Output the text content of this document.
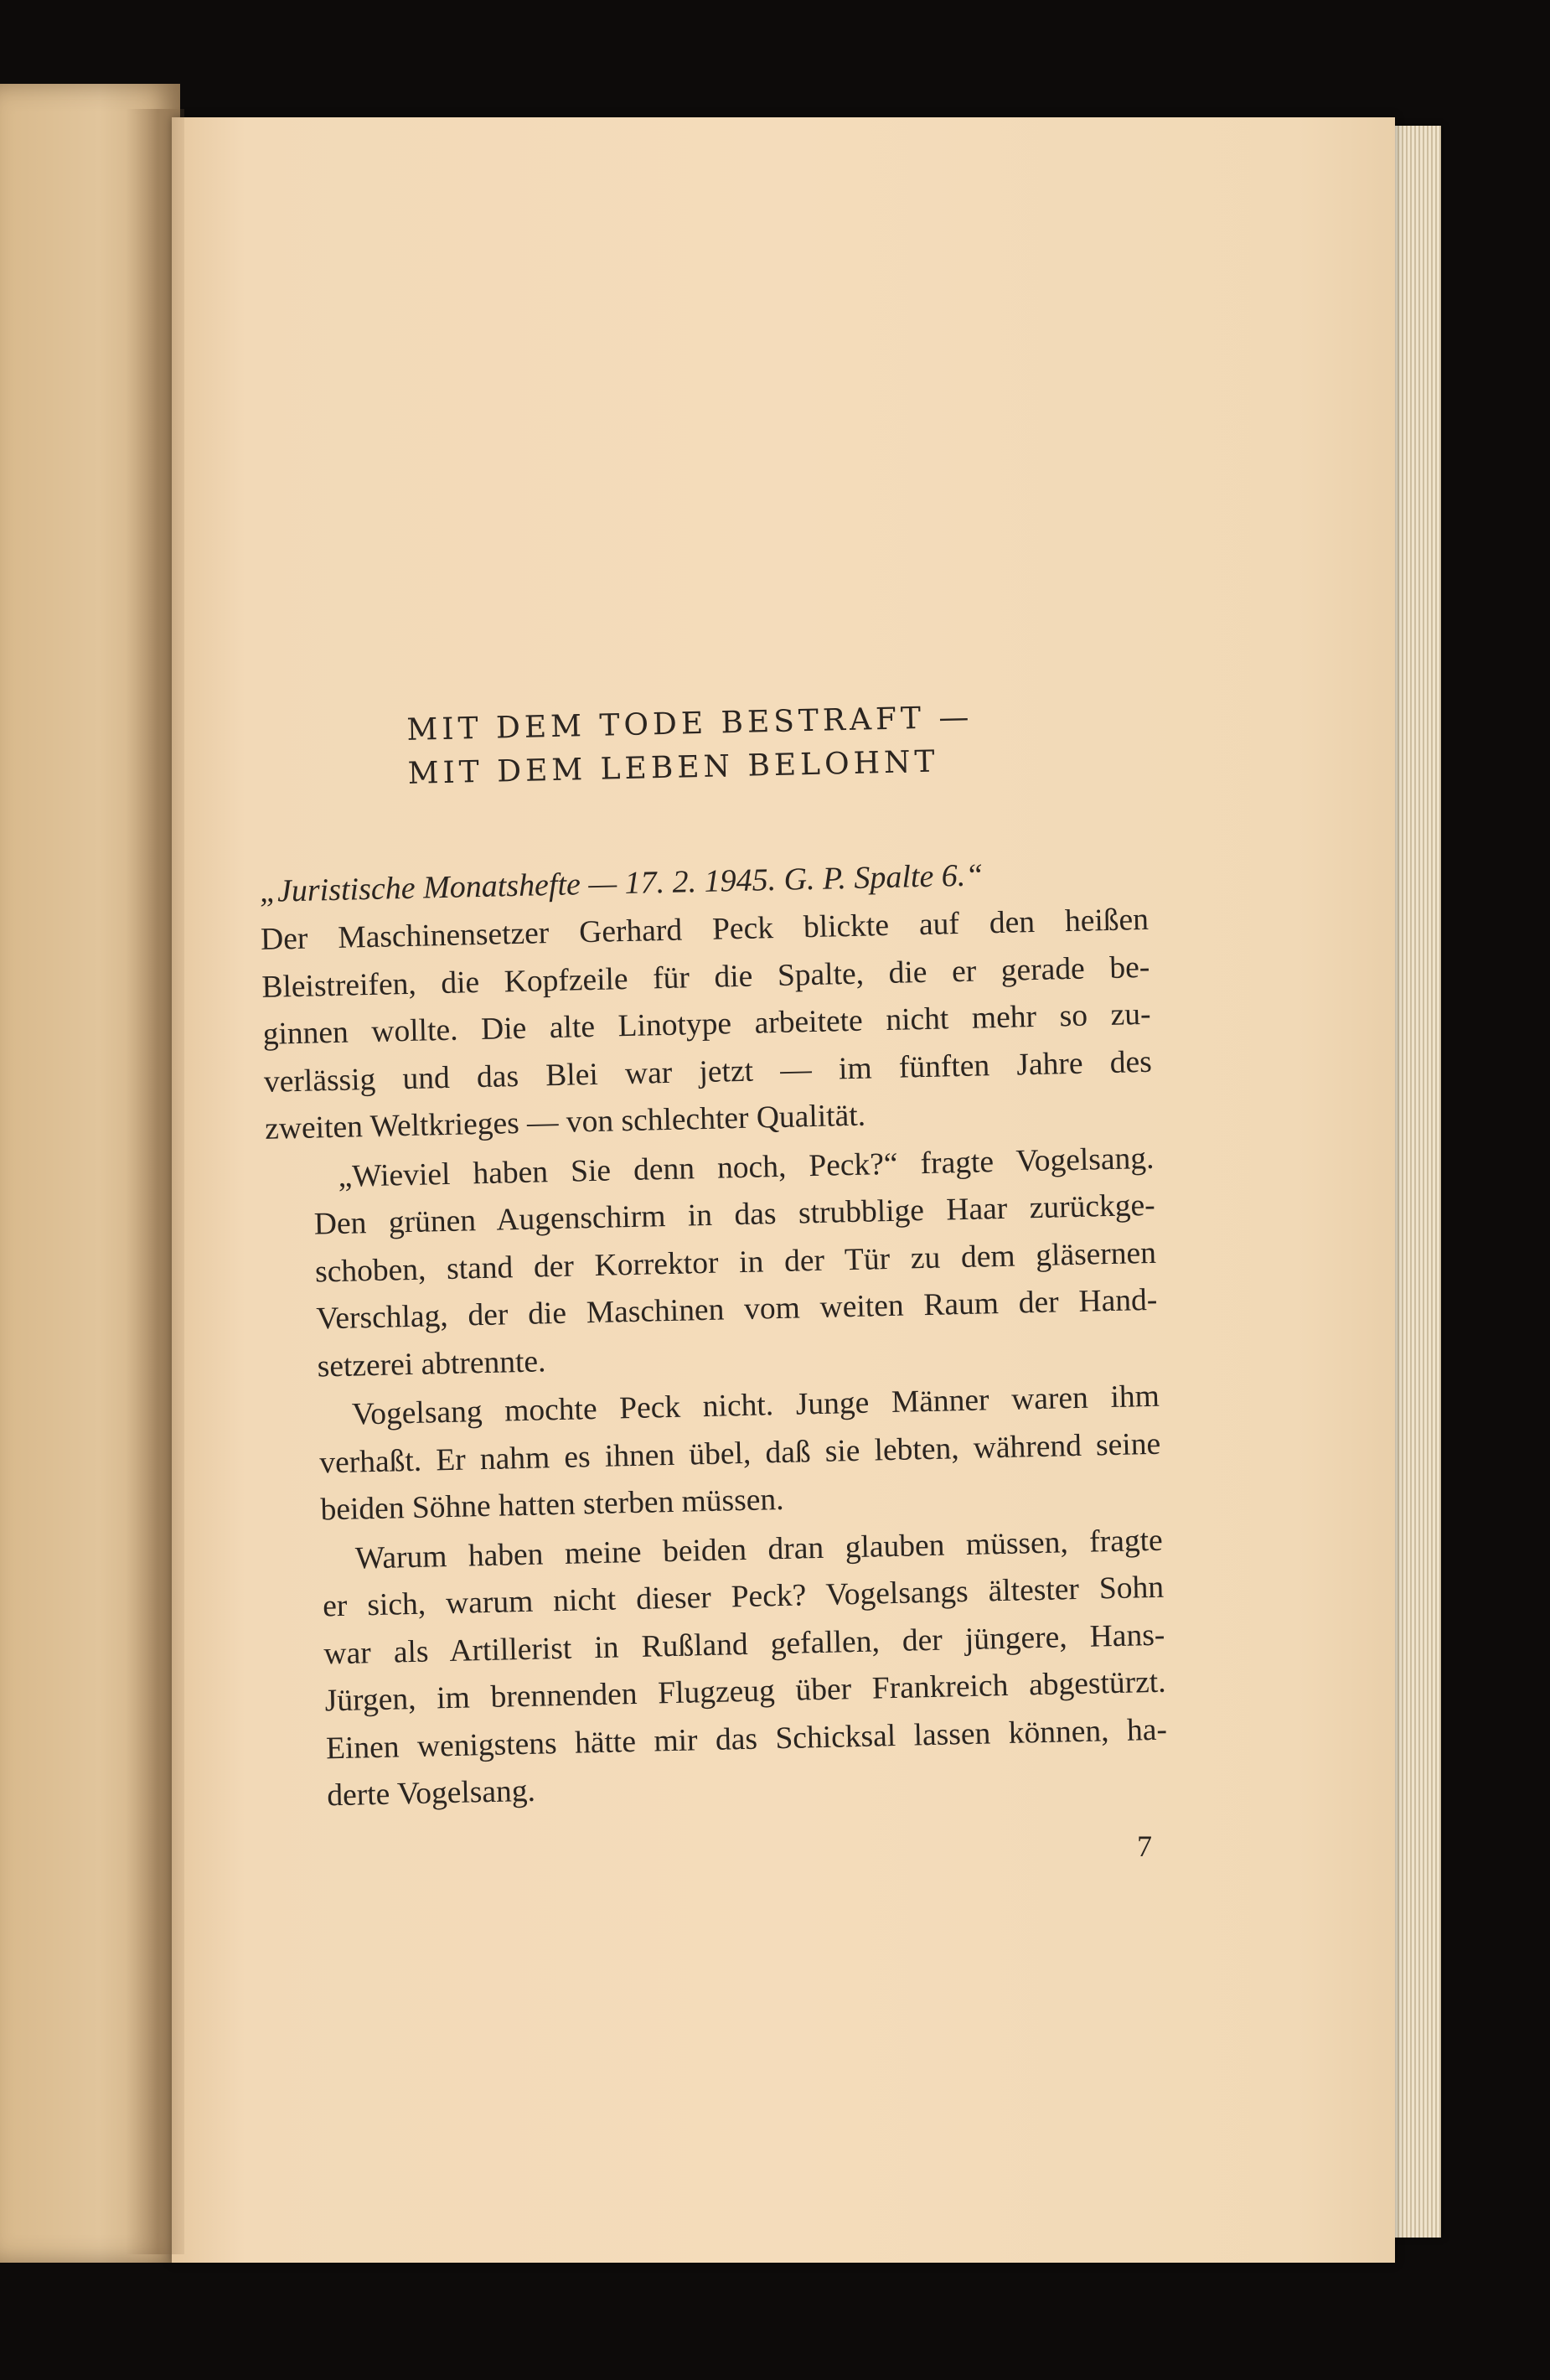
MIT DEM TODE BESTRAFT —
MIT DEM LEBEN BELOHNT
„Juristische Monatshefte — 17. 2. 1945. G. P. Spalte 6.“
Der Maschinensetzer Gerhard Peck blickte auf den heißen
Bleistreifen, die Kopfzeile für die Spalte, die er gerade be-
ginnen wollte. Die alte Linotype arbeitete nicht mehr so zu-
verlässig und das Blei war jetzt — im fünften Jahre des
zweiten Weltkrieges — von schlechter Qualität.
„Wieviel haben Sie denn noch, Peck?“ fragte Vogelsang.
Den grünen Augenschirm in das strubblige Haar zurückge-
schoben, stand der Korrektor in der Tür zu dem gläsernen
Verschlag, der die Maschinen vom weiten Raum der Hand-
setzerei abtrennte.
Vogelsang mochte Peck nicht. Junge Männer waren ihm
verhaßt. Er nahm es ihnen übel, daß sie lebten, während seine
beiden Söhne hatten sterben müssen.
Warum haben meine beiden dran glauben müssen, fragte
er sich, warum nicht dieser Peck? Vogelsangs ältester Sohn
war als Artillerist in Rußland gefallen, der jüngere, Hans-
Jürgen, im brennenden Flugzeug über Frankreich abgestürzt.
Einen wenigstens hätte mir das Schicksal lassen können, ha-
derte Vogelsang.
7
